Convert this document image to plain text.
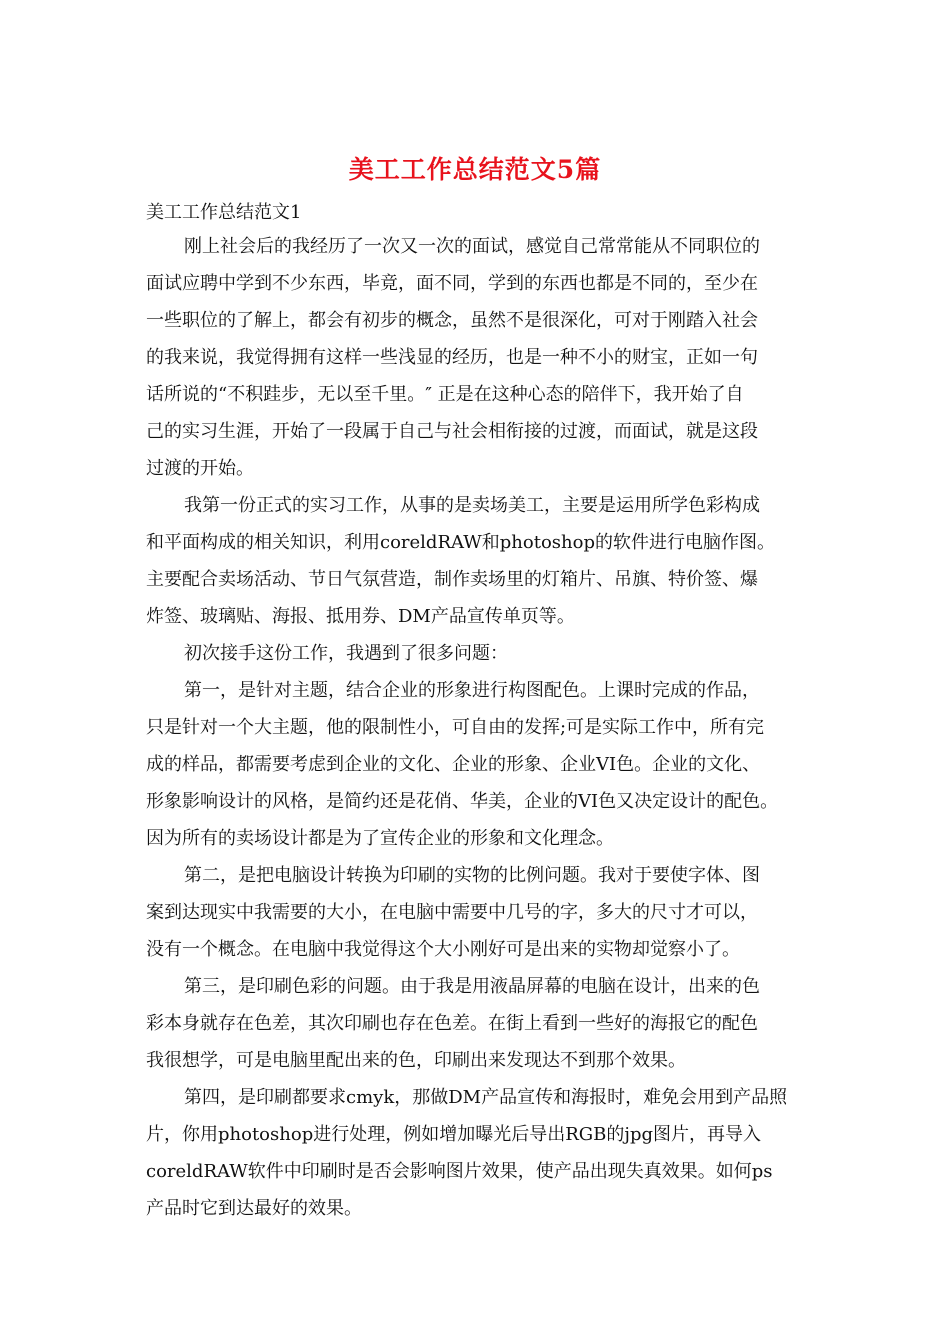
美工工作总结范文5篇
美工工作总结范文1
刚上社会后的我经历了一次又一次的面试，感觉自己常常能从不同职位的
面试应聘中学到不少东西，毕竟，面不同，学到的东西也都是不同的，至少在
一些职位的了解上，都会有初步的概念，虽然不是很深化，可对于刚踏入社会
的我来说，我觉得拥有这样一些浅显的经历，也是一种不小的财宝，正如一句
话所说的“不积跬步，无以至千里。″ 正是在这种心态的陪伴下，我开始了自
己的实习生涯，开始了一段属于自己与社会相衔接的过渡，而面试，就是这段
过渡的开始。
我第一份正式的实习工作，从事的是卖场美工，主要是运用所学色彩构成
和平面构成的相关知识，利用coreldRAW和photoshop的软件进行电脑作图。
主要配合卖场活动、节日气氛营造，制作卖场里的灯箱片、吊旗、特价签、爆
炸签、玻璃贴、海报、抵用券、DM产品宣传单页等。
初次接手这份工作，我遇到了很多问题：
第一，是针对主题，结合企业的形象进行构图配色。上课时完成的作品，
只是针对一个大主题，他的限制性小，可自由的发挥;可是实际工作中，所有完
成的样品，都需要考虑到企业的文化、企业的形象、企业VI色。企业的文化、
形象影响设计的风格，是简约还是花俏、华美，企业的VI色又决定设计的配色。
因为所有的卖场设计都是为了宣传企业的形象和文化理念。
第二，是把电脑设计转换为印刷的实物的比例问题。我对于要使字体、图
案到达现实中我需要的大小，在电脑中需要中几号的字，多大的尺寸才可以，
没有一个概念。在电脑中我觉得这个大小刚好可是出来的实物却觉察小了。
第三，是印刷色彩的问题。由于我是用液晶屏幕的电脑在设计，出来的色
彩本身就存在色差，其次印刷也存在色差。在街上看到一些好的海报它的配色
我很想学，可是电脑里配出来的色，印刷出来发现达不到那个效果。
第四，是印刷都要求cmyk，那做DM产品宣传和海报时，难免会用到产品照
片，你用photoshop进行处理，例如增加曝光后导出RGB的jpg图片，再导入
coreldRAW软件中印刷时是否会影响图片效果，使产品出现失真效果。如何ps
产品时它到达最好的效果。
